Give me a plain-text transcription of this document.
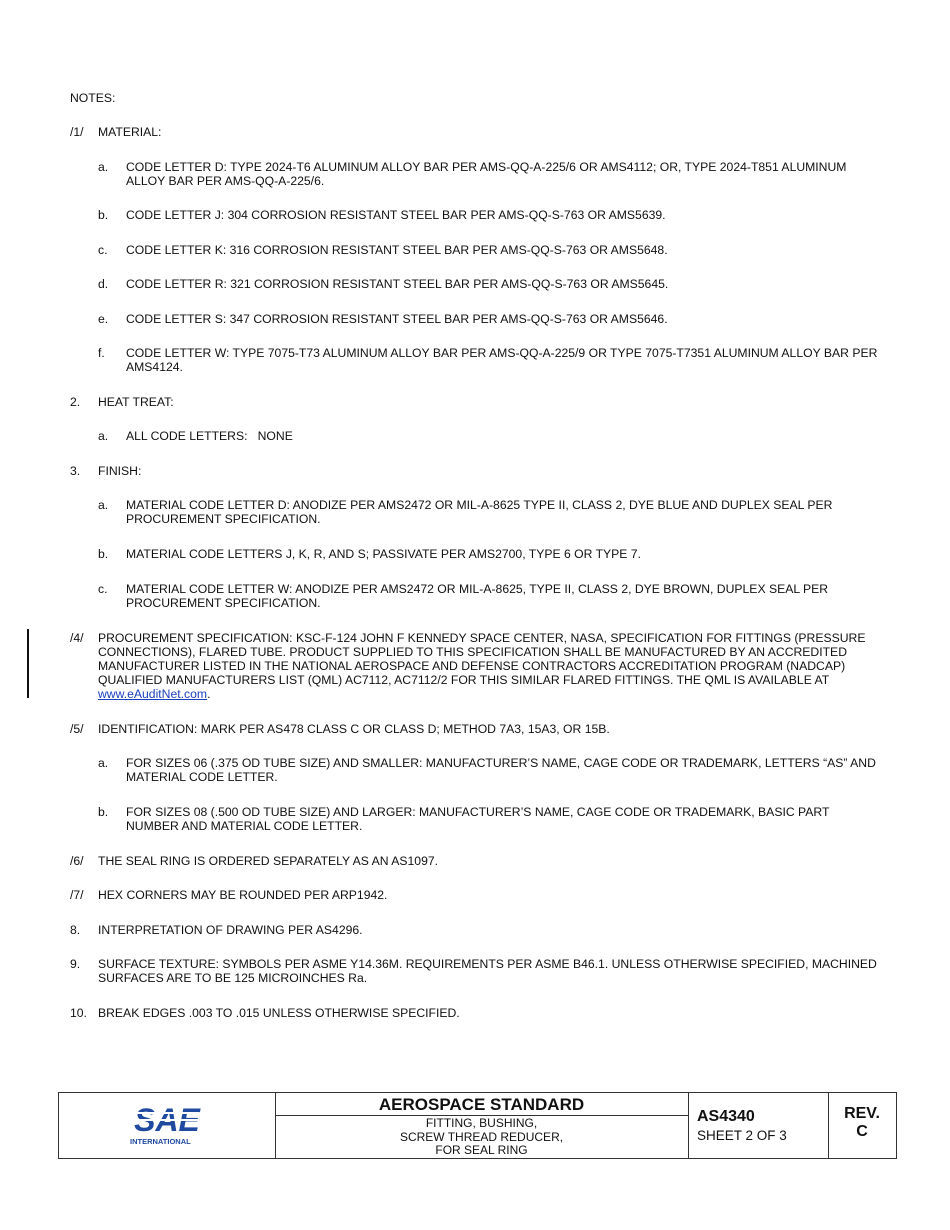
NOTES:
/1/ MATERIAL:
a. CODE LETTER D: TYPE 2024-T6 ALUMINUM ALLOY BAR PER AMS-QQ-A-225/6 OR AMS4112; OR, TYPE 2024-T851 ALUMINUM ALLOY BAR PER AMS-QQ-A-225/6.
b. CODE LETTER J: 304 CORROSION RESISTANT STEEL BAR PER AMS-QQ-S-763 OR AMS5639.
c. CODE LETTER K: 316 CORROSION RESISTANT STEEL BAR PER AMS-QQ-S-763 OR AMS5648.
d. CODE LETTER R: 321 CORROSION RESISTANT STEEL BAR PER AMS-QQ-S-763 OR AMS5645.
e. CODE LETTER S: 347 CORROSION RESISTANT STEEL BAR PER AMS-QQ-S-763 OR AMS5646.
f. CODE LETTER W: TYPE 7075-T73 ALUMINUM ALLOY BAR PER AMS-QQ-A-225/9 OR TYPE 7075-T7351 ALUMINUM ALLOY BAR PER AMS4124.
2. HEAT TREAT:
a. ALL CODE LETTERS:   NONE
3. FINISH:
a. MATERIAL CODE LETTER D: ANODIZE PER AMS2472 OR MIL-A-8625 TYPE II, CLASS 2, DYE BLUE AND DUPLEX SEAL PER PROCUREMENT SPECIFICATION.
b. MATERIAL CODE LETTERS J, K, R, AND S; PASSIVATE PER AMS2700, TYPE 6 OR TYPE 7.
c. MATERIAL CODE LETTER W: ANODIZE PER AMS2472 OR MIL-A-8625, TYPE II, CLASS 2, DYE BROWN, DUPLEX SEAL PER PROCUREMENT SPECIFICATION.
/4/ PROCUREMENT SPECIFICATION: KSC-F-124 JOHN F KENNEDY SPACE CENTER, NASA, SPECIFICATION FOR FITTINGS (PRESSURE CONNECTIONS), FLARED TUBE. PRODUCT SUPPLIED TO THIS SPECIFICATION SHALL BE MANUFACTURED BY AN ACCREDITED MANUFACTURER LISTED IN THE NATIONAL AEROSPACE AND DEFENSE CONTRACTORS ACCREDITATION PROGRAM (NADCAP) QUALIFIED MANUFACTURERS LIST (QML) AC7112, AC7112/2 FOR THIS SIMILAR FLARED FITTINGS. THE QML IS AVAILABLE AT www.eAuditNet.com.
/5/ IDENTIFICATION: MARK PER AS478 CLASS C OR CLASS D; METHOD 7A3, 15A3, OR 15B.
a. FOR SIZES 06 (.375 OD TUBE SIZE) AND SMALLER: MANUFACTURER’S NAME, CAGE CODE OR TRADEMARK, LETTERS “AS” AND MATERIAL CODE LETTER.
b. FOR SIZES 08 (.500 OD TUBE SIZE) AND LARGER: MANUFACTURER’S NAME, CAGE CODE OR TRADEMARK, BASIC PART NUMBER AND MATERIAL CODE LETTER.
/6/ THE SEAL RING IS ORDERED SEPARATELY AS AN AS1097.
/7/ HEX CORNERS MAY BE ROUNDED PER ARP1942.
8. INTERPRETATION OF DRAWING PER AS4296.
9. SURFACE TEXTURE: SYMBOLS PER ASME Y14.36M. REQUIREMENTS PER ASME B46.1. UNLESS OTHERWISE SPECIFIED, MACHINED SURFACES ARE TO BE 125 MICROINCHES Ra.
10. BREAK EDGES .003 TO .015 UNLESS OTHERWISE SPECIFIED.
SAE
INTERNATIONAL
AEROSPACE STANDARD
FITTING, BUSHING,
SCREW THREAD REDUCER,
FOR SEAL RING
AS4340
SHEET 2 OF 3
REV.
C
